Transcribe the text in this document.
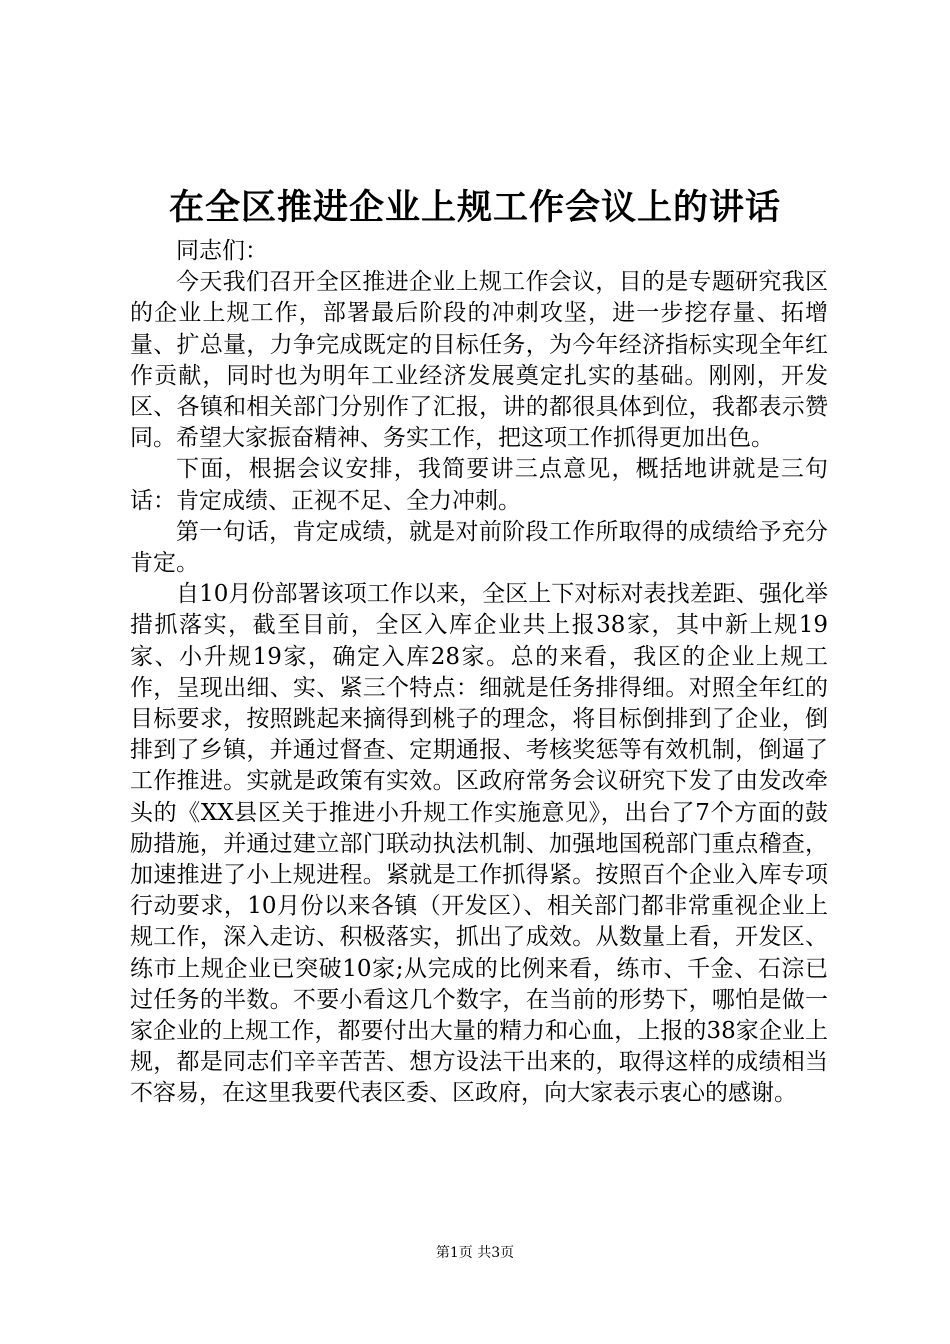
在全区推进企业上规工作会议上的讲话

同志们：

今天我们召开全区推进企业上规工作会议，目的是专题研究我区的企业上规工作，部署最后阶段的冲刺攻坚，进一步挖存量、拓增量、扩总量，力争完成既定的目标任务，为今年经济指标实现全年红作贡献，同时也为明年工业经济发展奠定扎实的基础。刚刚，开发区、各镇和相关部门分别作了汇报，讲的都很具体到位，我都表示赞同。希望大家振奋精神、务实工作，把这项工作抓得更加出色。

下面，根据会议安排，我简要讲三点意见，概括地讲就是三句话：肯定成绩、正视不足、全力冲刺。

第一句话，肯定成绩，就是对前阶段工作所取得的成绩给予充分肯定。

自10月份部署该项工作以来，全区上下对标对表找差距、强化举措抓落实，截至目前，全区入库企业共上报38家，其中新上规19家、小升规19家，确定入库28家。总的来看，我区的企业上规工作，呈现出细、实、紧三个特点：细就是任务排得细。对照全年红的目标要求，按照跳起来摘得到桃子的理念，将目标倒排到了企业，倒排到了乡镇，并通过督查、定期通报、考核奖惩等有效机制，倒逼了工作推进。实就是政策有实效。区政府常务会议研究下发了由发改牵头的《XX县区关于推进小升规工作实施意见》，出台了7个方面的鼓励措施，并通过建立部门联动执法机制、加强地国税部门重点稽查，加速推进了小上规进程。紧就是工作抓得紧。按照百个企业入库专项行动要求，10月份以来各镇（开发区）、相关部门都非常重视企业上规工作，深入走访、积极落实，抓出了成效。从数量上看，开发区、练市上规企业已突破10家;从完成的比例来看，练市、千金、石淙已过任务的半数。不要小看这几个数字，在当前的形势下，哪怕是做一家企业的上规工作，都要付出大量的精力和心血，上报的38家企业上规，都是同志们辛辛苦苦、想方设法干出来的，取得这样的成绩相当不容易，在这里我要代表区委、区政府，向大家表示衷心的感谢。

第1页 共3页
